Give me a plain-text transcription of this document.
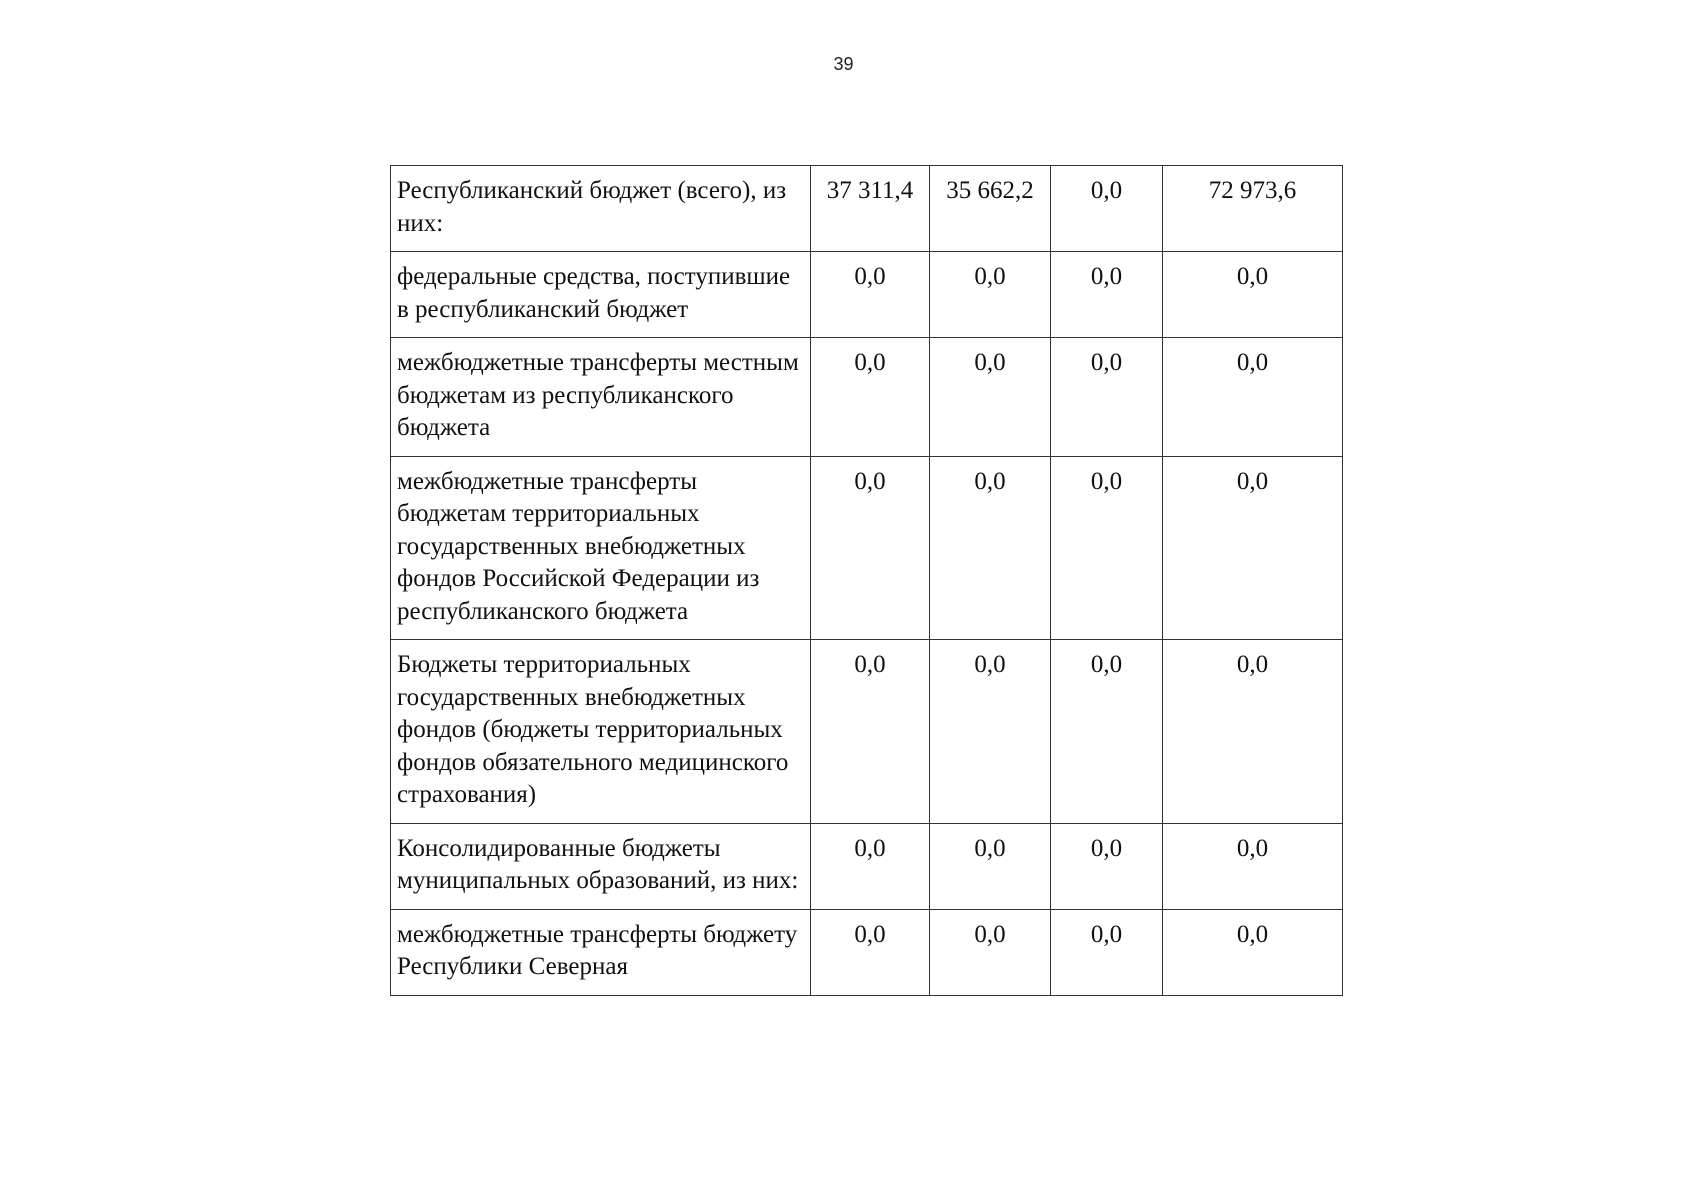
39
Республиканский бюджет (всего), из них:	37 311,4	35 662,2	0,0	72 973,6
федеральные средства, поступившие в республиканский бюджет	0,0	0,0	0,0	0,0
межбюджетные трансферты местным бюджетам из республиканского бюджета	0,0	0,0	0,0	0,0
межбюджетные трансферты бюджетам территориальных государственных внебюджетных фондов Российской Федерации из республиканского бюджета	0,0	0,0	0,0	0,0
Бюджеты территориальных государственных внебюджетных фондов (бюджеты территориальных фондов обязательного медицинского страхования)	0,0	0,0	0,0	0,0
Консолидированные бюджеты муниципальных образований, из них:	0,0	0,0	0,0	0,0
межбюджетные трансферты бюджету Республики Северная	0,0	0,0	0,0	0,0
